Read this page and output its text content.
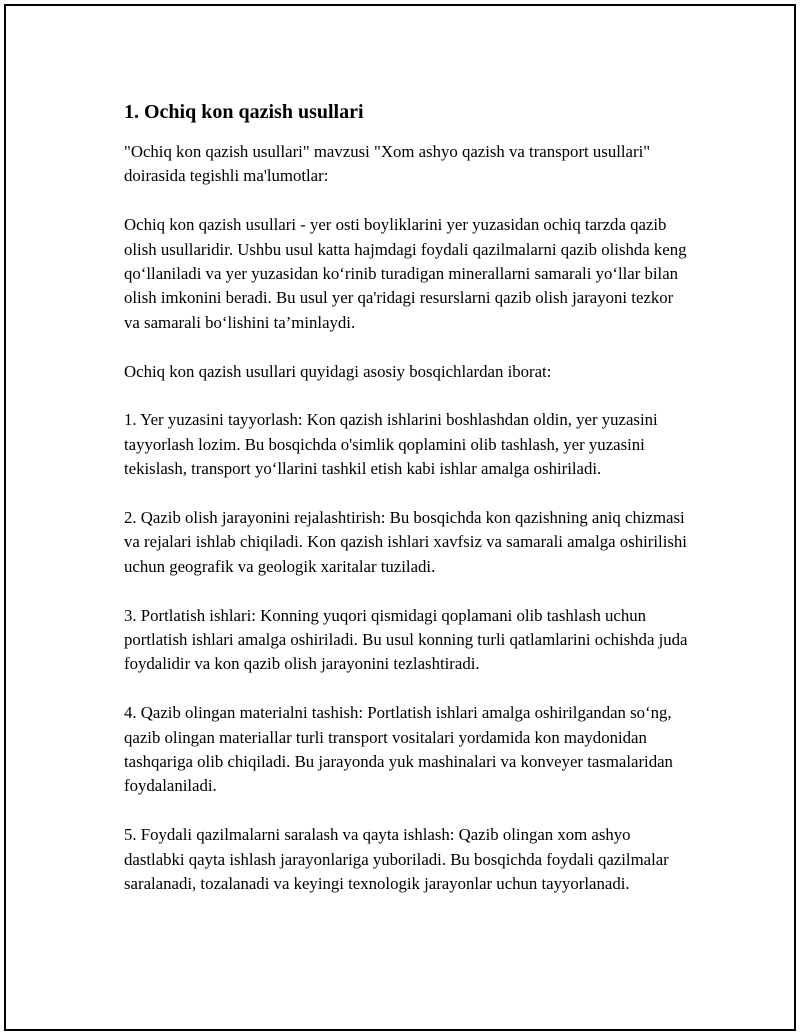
1. Ochiq kon qazish usullari

"Ochiq kon qazish usullari" mavzusi "Xom ashyo qazish va transport usullari" doirasida tegishli ma'lumotlar:

Ochiq kon qazish usullari - yer osti boyliklarini yer yuzasidan ochiq tarzda qazib olish usullaridir. Ushbu usul katta hajmdagi foydali qazilmalarni qazib olishda keng qo‘llaniladi va yer yuzasidan ko‘rinib turadigan minerallarni samarali yo‘llar bilan olish imkonini beradi. Bu usul yer qa'ridagi resurslarni qazib olish jarayoni tezkor va samarali bo‘lishini ta’minlaydi.

Ochiq kon qazish usullari quyidagi asosiy bosqichlardan iborat:

1. Yer yuzasini tayyorlash: Kon qazish ishlarini boshlashdan oldin, yer yuzasini tayyorlash lozim. Bu bosqichda o'simlik qoplamini olib tashlash, yer yuzasini tekislash, transport yo‘llarini tashkil etish kabi ishlar amalga oshiriladi.

2. Qazib olish jarayonini rejalashtirish: Bu bosqichda kon qazishning aniq chizmasi va rejalari ishlab chiqiladi. Kon qazish ishlari xavfsiz va samarali amalga oshirilishi uchun geografik va geologik xaritalar tuziladi.

3. Portlatish ishlari: Konning yuqori qismidagi qoplamani olib tashlash uchun portlatish ishlari amalga oshiriladi. Bu usul konning turli qatlamlarini ochishda juda foydalidir va kon qazib olish jarayonini tezlashtiradi.

4. Qazib olingan materialni tashish: Portlatish ishlari amalga oshirilgandan so‘ng, qazib olingan materiallar turli transport vositalari yordamida kon maydonidan tashqariga olib chiqiladi. Bu jarayonda yuk mashinalari va konveyer tasmalaridan foydalaniladi.

5. Foydali qazilmalarni saralash va qayta ishlash: Qazib olingan xom ashyo dastlabki qayta ishlash jarayonlariga yuboriladi. Bu bosqichda foydali qazilmalar saralanadi, tozalanadi va keyingi texnologik jarayonlar uchun tayyorlanadi.
